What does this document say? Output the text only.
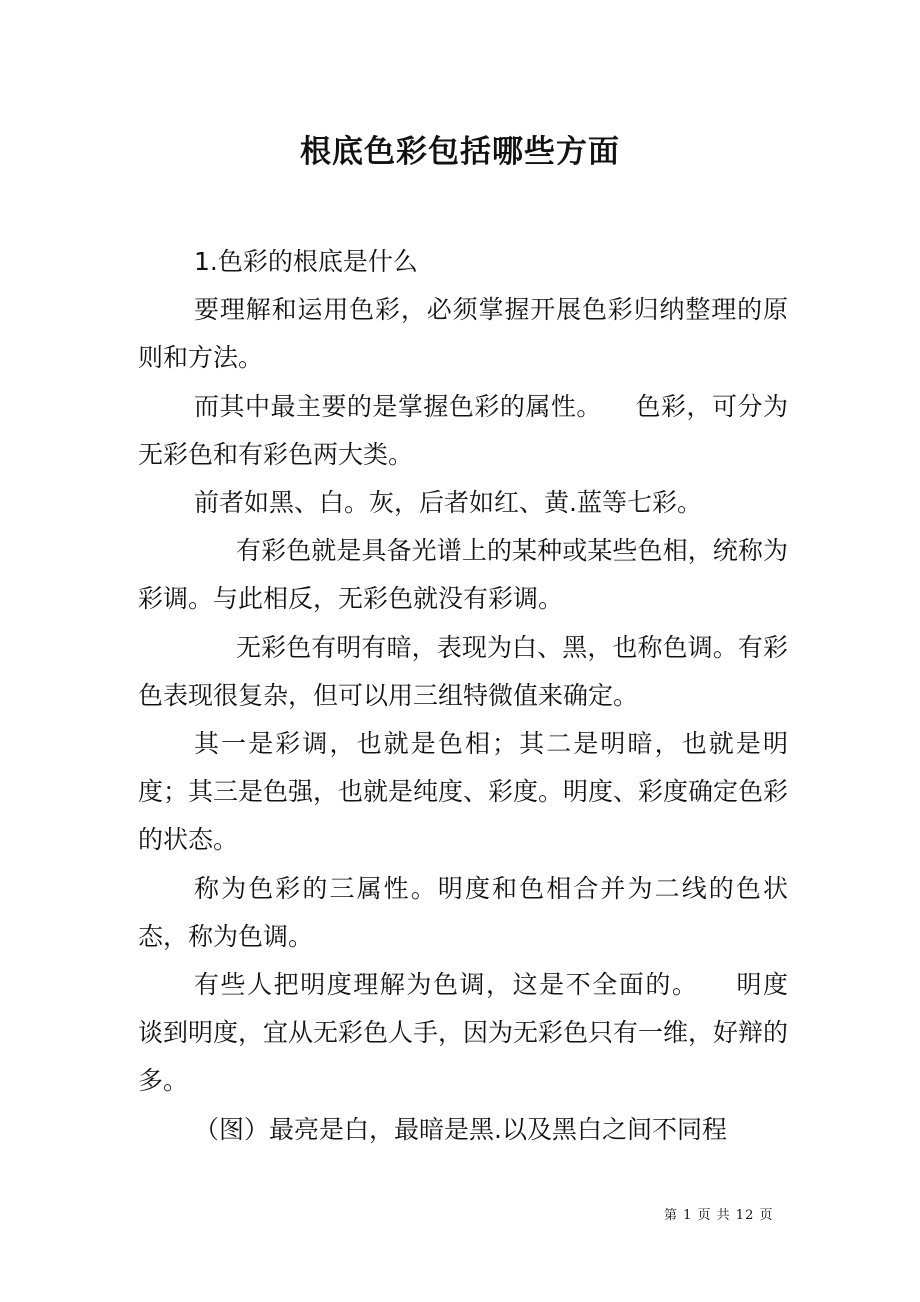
根底色彩包括哪些方面

1.色彩的根底是什么

要理解和运用色彩，必须掌握开展色彩归纳整理的原则和方法。

而其中最主要的是掌握色彩的属性。    色彩，可分为无彩色和有彩色两大类。

前者如黑、白。灰，后者如红、黄.蓝等七彩。

有彩色就是具备光谱上的某种或某些色相，统称为彩调。与此相反，无彩色就没有彩调。

无彩色有明有暗，表现为白、黑，也称色调。有彩色表现很复杂，但可以用三组特微值来确定。

其一是彩调，也就是色相；其二是明暗，也就是明度；其三是色强，也就是纯度、彩度。明度、彩度确定色彩的状态。

称为色彩的三属性。明度和色相合并为二线的色状态，称为色调。

有些人把明度理解为色调，这是不全面的。    明度    谈到明度，宜从无彩色人手，因为无彩色只有一维，好辩的多。

（图）最亮是白，最暗是黑.以及黑白之间不同程

第 1 页 共 12 页
